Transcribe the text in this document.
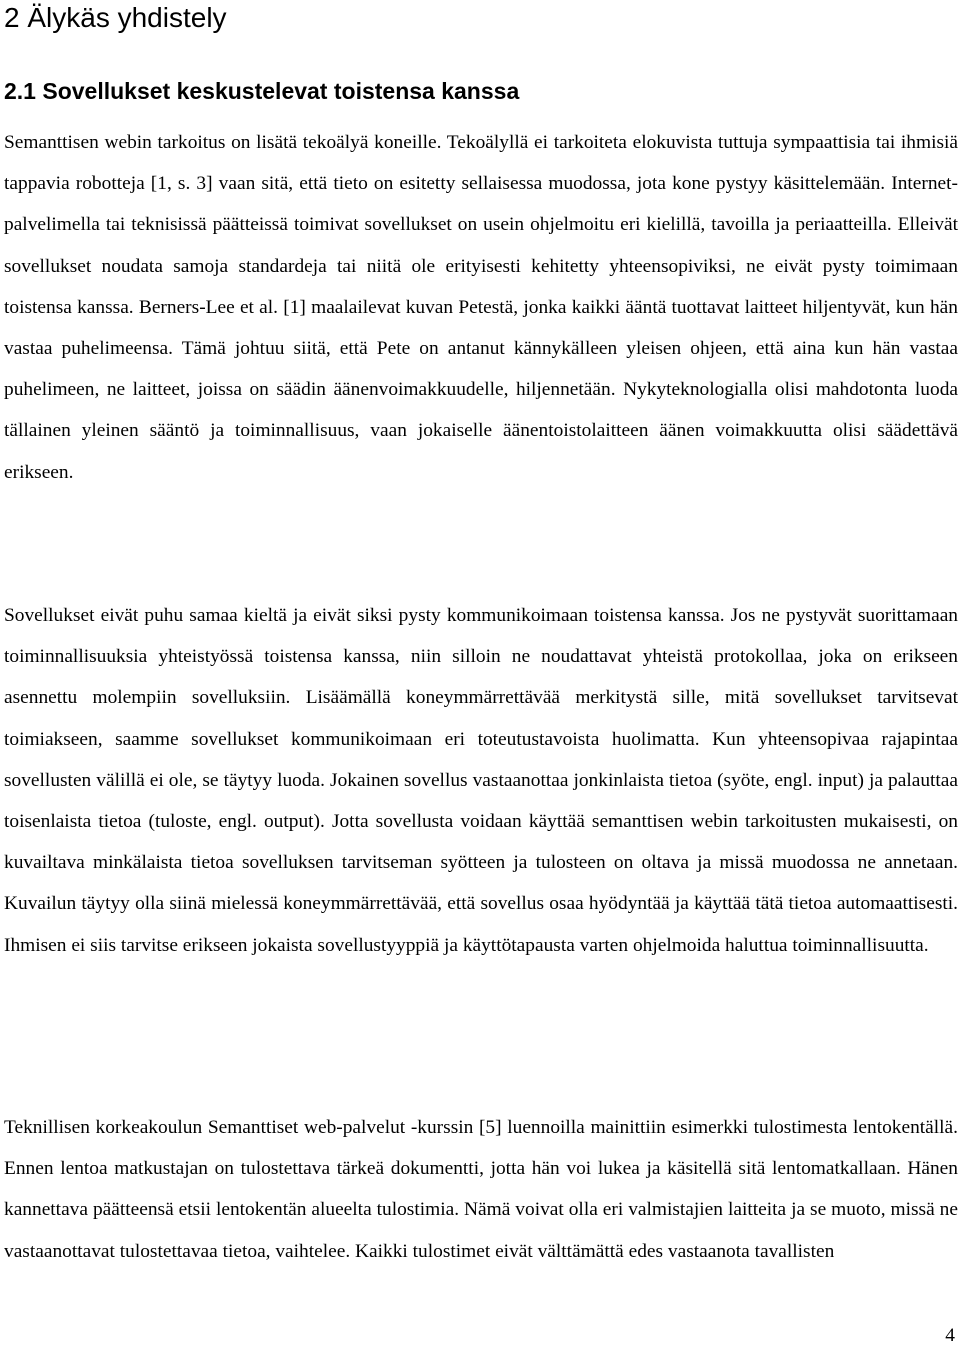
2 Älykäs yhdistely
2.1 Sovellukset keskustelevat toistensa kanssa

Semanttisen webin tarkoitus on lisätä tekoälyä koneille. Tekoälyllä ei tarkoiteta elokuvista tuttuja sympaattisia tai ihmisiä tappavia robotteja [1, s. 3] vaan sitä, että tieto on esitetty sellaisessa muodossa, jota kone pystyy käsittelemään. Internet-palvelimella tai teknisissä päätteissä toimivat sovellukset on usein ohjelmoitu eri kielillä, tavoilla ja periaatteilla. Elleivät sovellukset noudata samoja standardeja tai niitä ole erityisesti kehitetty yhteensopiviksi, ne eivät pysty toimimaan toistensa kanssa. Berners-Lee et al. [1] maalailevat kuvan Petestä, jonka kaikki ääntä tuottavat laitteet hiljentyvät, kun hän vastaa puhelimeensa. Tämä johtuu siitä, että Pete on antanut kännykälleen yleisen ohjeen, että aina kun hän vastaa puhelimeen, ne laitteet, joissa on säädin äänenvoimakkuudelle, hiljennetään. Nykyteknologialla olisi mahdotonta luoda tällainen yleinen sääntö ja toiminnallisuus, vaan jokaiselle äänentoistolaitteen äänen voimakkuutta olisi säädettävä erikseen.

Sovellukset eivät puhu samaa kieltä ja eivät siksi pysty kommunikoimaan toistensa kanssa. Jos ne pystyvät suorittamaan toiminnallisuuksia yhteistyössä toistensa kanssa, niin silloin ne noudattavat yhteistä protokollaa, joka on erikseen asennettu molempiin sovelluksiin. Lisäämällä koneymmärrettävää merkitystä sille, mitä sovellukset tarvitsevat toimiakseen, saamme sovellukset kommunikoimaan eri toteutustavoista huolimatta. Kun yhteensopivaa rajapintaa sovellusten välillä ei ole, se täytyy luoda. Jokainen sovellus vastaanottaa jonkinlaista tietoa (syöte, engl. input) ja palauttaa toisenlaista tietoa (tuloste, engl. output). Jotta sovellusta voidaan käyttää semanttisen webin tarkoitusten mukaisesti, on kuvailtava minkälaista tietoa sovelluksen tarvitseman syötteen ja tulosteen on oltava ja missä muodossa ne annetaan. Kuvailun täytyy olla siinä mielessä koneymmärrettävää, että sovellus osaa hyödyntää ja käyttää tätä tietoa automaattisesti. Ihmisen ei siis tarvitse erikseen jokaista sovellustyyppiä ja käyttötapausta varten ohjelmoida haluttua toiminnallisuutta.

Teknillisen korkeakoulun Semanttiset web-palvelut -kurssin [5] luennoilla mainittiin esimerkki tulostimesta lentokentällä. Ennen lentoa matkustajan on tulostettava tärkeä dokumentti, jotta hän voi lukea ja käsitellä sitä lentomatkallaan. Hänen kannettava päätteensä etsii lentokentän alueelta tulostimia. Nämä voivat olla eri valmistajien laitteita ja se muoto, missä ne vastaanottavat tulostettavaa tietoa, vaihtelee. Kaikki tulostimet eivät välttämättä edes vastaanota tavallisten

4
